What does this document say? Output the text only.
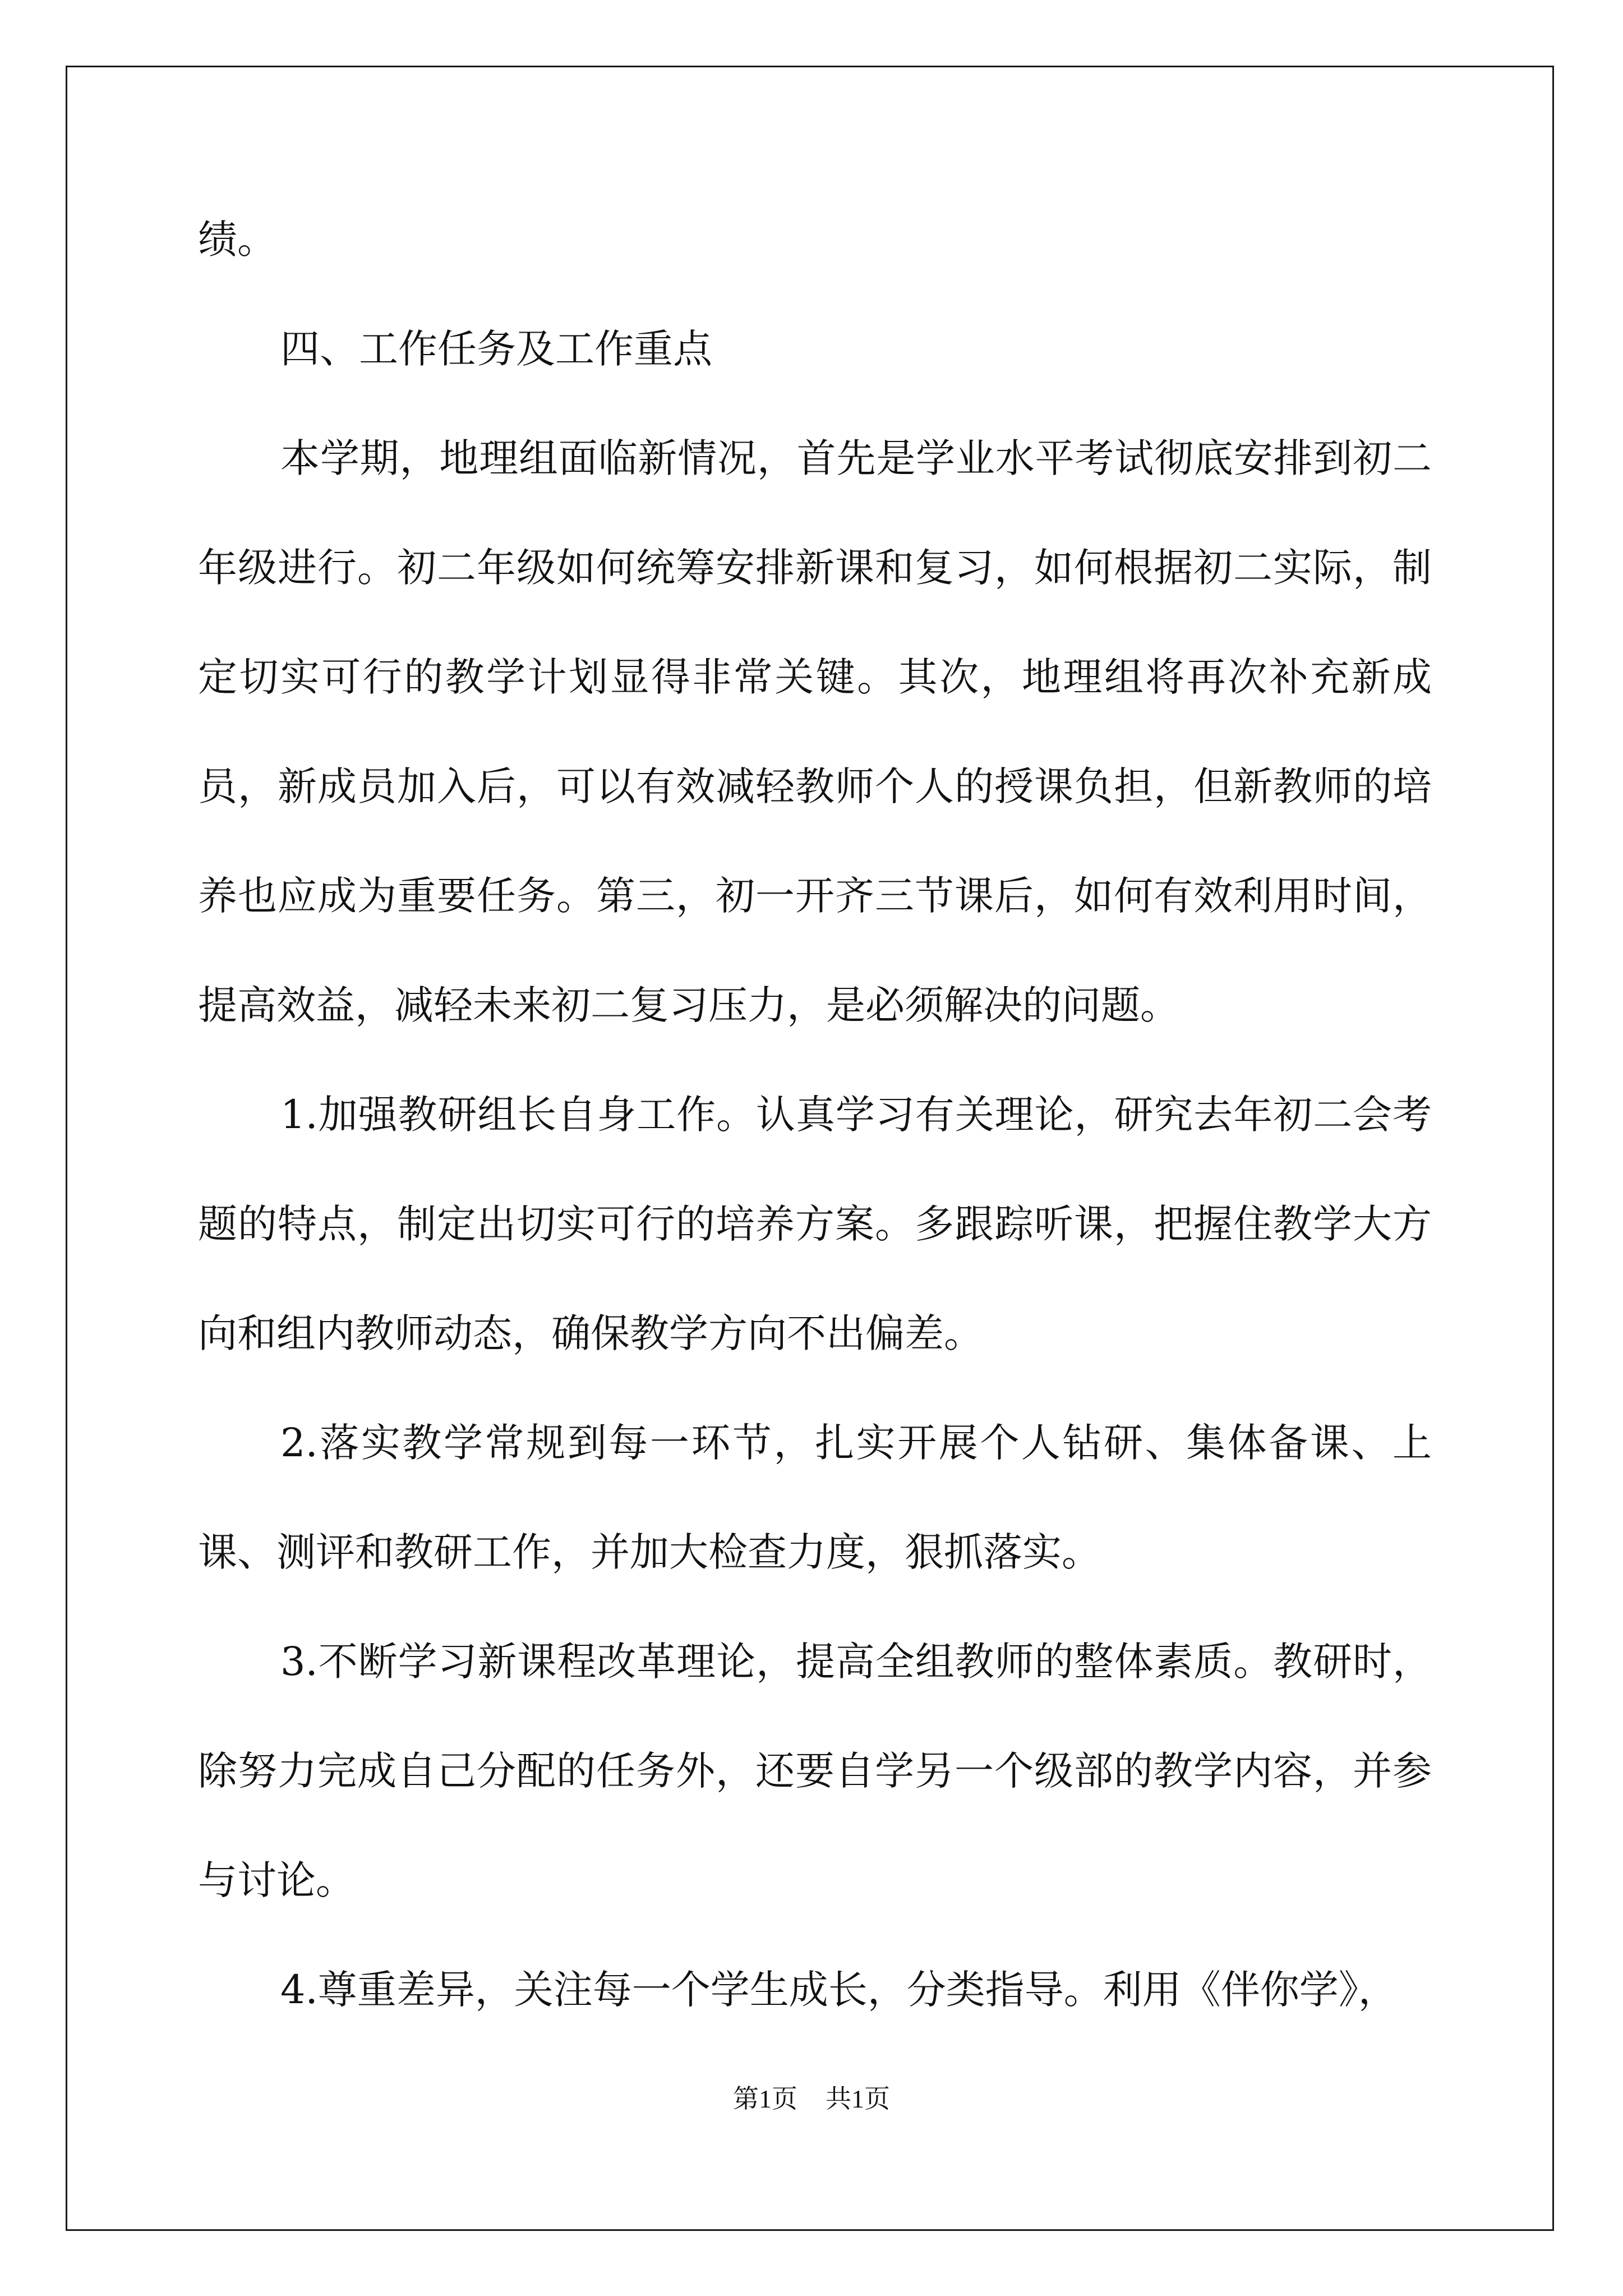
绩。

四、工作任务及工作重点

本学期，地理组面临新情况，首先是学业水平考试彻底安排到初二年级进行。初二年级如何统筹安排新课和复习，如何根据初二实际，制定切实可行的教学计划显得非常关键。其次，地理组将再次补充新成员，新成员加入后，可以有效减轻教师个人的授课负担，但新教师的培养也应成为重要任务。第三，初一开齐三节课后，如何有效利用时间，提高效益，减轻未来初二复习压力，是必须解决的问题。

1.加强教研组长自身工作。认真学习有关理论，研究去年初二会考题的特点，制定出切实可行的培养方案。多跟踪听课，把握住教学大方向和组内教师动态，确保教学方向不出偏差。

2.落实教学常规到每一环节，扎实开展个人钻研、集体备课、上课、测评和教研工作，并加大检查力度，狠抓落实。

3.不断学习新课程改革理论，提高全组教师的整体素质。教研时，除努力完成自己分配的任务外，还要自学另一个级部的教学内容，并参与讨论。

4.尊重差异，关注每一个学生成长，分类指导。利用《伴你学》，

第1页 共1页
